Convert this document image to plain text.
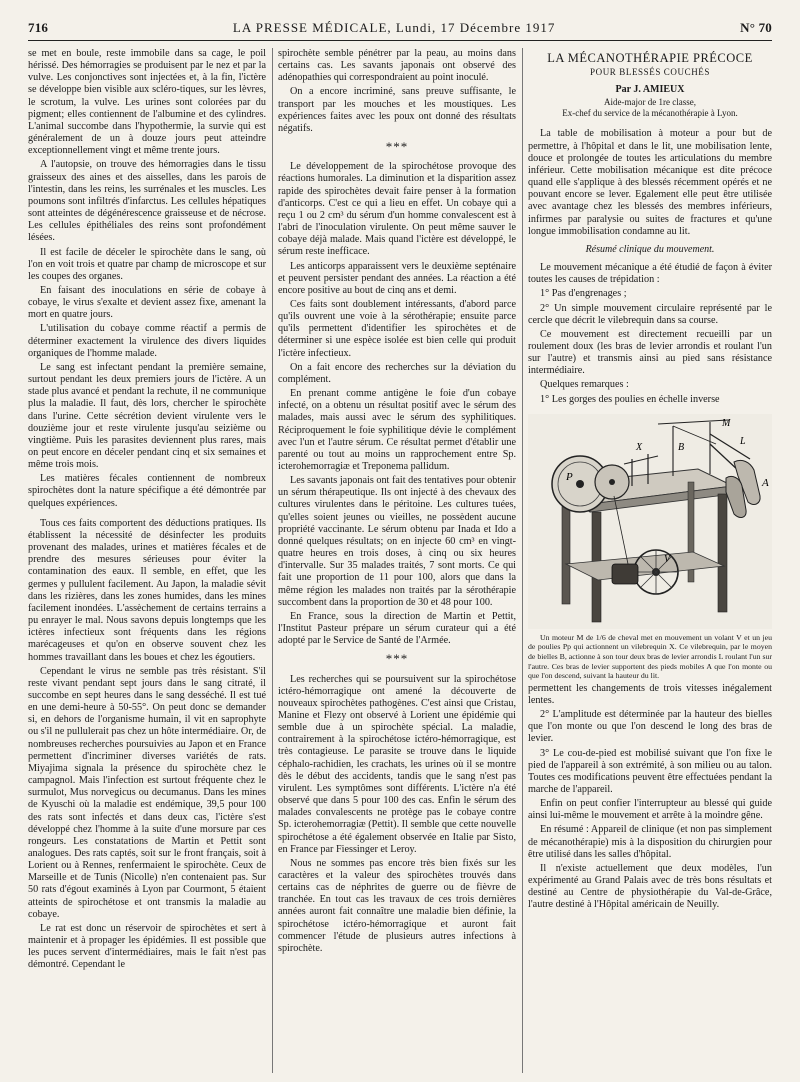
716	LA PRESSE MÉDICALE, Lundi, 17 Décembre 1917	N° 70

se met en boule, reste immobile dans sa cage, le poil hérissé. Des hémorragies se produisent par le nez et par la vulve. Les conjonctives sont injectées et, à la fin, l'ictère se développe bien visible aux scléro-tiques, sur les lèvres, le scrotum, la vulve. Les urines sont colorées par du pigment; elles contiennent de l'albumine et des cylindres. L'animal succombe dans l'hypothermie, la survie qui est généralement de un à douze jours peut atteindre exceptionnellement vingt et même trente jours.

A l'autopsie, on trouve des hémorragies dans le tissu graisseux des aines et des aisselles, dans les parois de l'intestin, dans les reins, les surrénales et les muscles. Les poumons sont infiltrés d'infarctus. Les cellules hépatiques sont atteintes de dégénérescence graisseuse et de nécrose. Les cellules épithéliales des reins sont profondément lésées.

Il est facile de déceler le spirochète dans le sang, où l'on en voit trois et quatre par champ de microscope et sur les coupes des organes.

En faisant des inoculations en série de cobaye à cobaye, le virus s'exalte et devient assez fixe, amenant la mort en quatre jours.

L'utilisation du cobaye comme réactif a permis de déterminer exactement la virulence des divers liquides organiques de l'homme malade.

Le sang est infectant pendant la première semaine, surtout pendant les deux premiers jours de l'ictère. A un stade plus avancé et pendant la rechute, il ne communique plus la maladie. Il faut, dès lors, chercher le spirochète dans l'urine. Cette sécrétion devient virulente vers le douzième jour et reste virulente jusqu'au seizième ou vingtième. Puis les parasites deviennent plus rares, mais on peut encore en déceler pendant cinq et six semaines et même trois mois.

Les matières fécales contiennent de nombreux spirochètes dont la nature spécifique a été démontrée par quelques expériences.

Tous ces faits comportent des déductions pratiques. Ils établissent la nécessité de désinfecter les produits provenant des malades, urines et matières fécales et de prendre des mesures sérieuses pour éviter la contamination des eaux. Il semble, en effet, que les germes y pullulent facilement. Au Japon, la maladie sévit dans les rizières, dans les zones humides, dans les mines facilement inondées. L'assèchement de certains terrains a pu enrayer le mal. Nous savons depuis longtemps que les ictères infectieux sont fréquents dans les régions marécageuses et qu'on en observe souvent chez les hommes travaillant dans les boues et chez les égoutiers.

Cependant le virus ne semble pas très résistant. S'il reste vivant pendant sept jours dans le sang citraté, il succombe en sept heures dans le sang desséché. Il est tué en une demi-heure à 50-55°. On peut donc se demander si, en dehors de l'organisme humain, il vit en saprophyte ou s'il ne pullulerait pas chez un hôte intermédiaire. Or, de nombreuses recherches poursuivies au Japon et en France permettent d'incriminer diverses variétés de rats. Miyajima signala la présence du spirochète chez le campagnol. Mais l'infection est surtout fréquente chez le surmulot, Mus norvegicus ou decumanus. Dans les mines de Kyuschi où la maladie est endémique, 39,5 pour 100 des rats sont infectés et dans deux cas, l'ictère s'est développé chez l'homme à la suite d'une morsure par ces rongeurs. Les constatations de Martin et Pettit sont analogues. Des rats captés, soit sur le front français, soit à Lorient ou à Rennes, renfermaient le spirochète. Ceux de Marseille et de Tunis (Nicolle) n'en contenaient pas. Sur 50 rats d'égout examinés à Lyon par Courmont, 5 étaient atteints de spirochétose et ont transmis la maladie au cobaye.

Le rat est donc un réservoir de spirochètes et sert à maintenir et à propager les épidémies. Il est possible que les puces servent d'intermédiaires, mais le fait n'est pas démontré. Cependant le

spirochète semble pénétrer par la peau, au moins dans certains cas. Les savants japonais ont observé des adénopathies qui correspondraient au point inoculé.

On a encore incriminé, sans preuve suffisante, le transport par les mouches et les moustiques. Les expériences faites avec les poux ont donné des résultats négatifs.

***

Le développement de la spirochétose provoque des réactions humorales. La diminution et la disparition assez rapide des spirochètes devait faire penser à la formation d'anticorps. C'est ce qui a lieu en effet. Un cobaye qui a reçu 1 ou 2 cm³ du sérum d'un homme convalescent est à l'abri de l'inoculation virulente. On peut même sauver le cobaye déjà malade. Mais quand l'ictère est développé, le sérum reste inefficace.

Les anticorps apparaissent vers le deuxième septénaire et peuvent persister pendant des années. La réaction a été encore positive au bout de cinq ans et demi.

Ces faits sont doublement intéressants, d'abord parce qu'ils ouvrent une voie à la sérothérapie; ensuite parce qu'ils permettent d'identifier les spirochètes et de déterminer si une espèce isolée est bien celle qui produit l'ictère infectieux.

On a fait encore des recherches sur la déviation du complément.

En prenant comme antigène le foie d'un cobaye infecté, on a obtenu un résultat positif avec le sérum des malades, mais aussi avec le sérum des syphilitiques. Réciproquement le foie syphilitique dévie le complément avec l'un et l'autre sérum. Ce résultat permet d'établir une parenté ou tout au moins un rapprochement entre Sp. icterohemorragiæ et Treponema pallidum.

Les savants japonais ont fait des tentatives pour obtenir un sérum thérapeutique. Ils ont injecté à des chevaux des cultures virulentes dans le péritoine. Les cultures tuées, qu'elles soient jeunes ou vieilles, ne possèdent aucune propriété vaccinante. Le sérum obtenu par Inada et Ido a donné quelques résultats; on en injecte 60 cm³ en vingt-quatre heures en trois doses, à cinq ou six heures d'intervalle. Sur 35 malades traités, 7 sont morts. Ce qui fait une proportion de 11 pour 100, alors que dans la même région les malades non traités par la sérothérapie succombent dans la proportion de 30 et 48 pour 100.

En France, sous la direction de Martin et Pettit, l'Institut Pasteur prépare un sérum curateur qui a été adopté par le Service de Santé de l'Armée.

***

Les recherches qui se poursuivent sur la spirochétose ictéro-hémorragique ont amené la découverte de nouveaux spirochètes pathogènes. C'est ainsi que Cristau, Manine et Flezy ont observé à Lorient une épidémie qui semble due à un spirochète spécial. La maladie, contrairement à la spirochétose ictéro-hémorragique, est très contagieuse. Le parasite se trouve dans le liquide céphalo-rachidien, les crachats, les urines où il se montre dès le début des accidents, tandis que le sang n'est pas virulent. Les symptômes sont différents. L'ictère n'a été observé que dans 5 pour 100 des cas. Enfin le sérum des malades convalescents ne protège pas le cobaye contre Sp. icterohemorragiæ (Pettit). Il semble que cette nouvelle spirochétose a été également observée en Italie par Sisto, en France par Fiessinger et Leroy.

Nous ne sommes pas encore très bien fixés sur les caractères et la valeur des spirochètes trouvés dans certains cas de néphrites de guerre ou de fièvre de tranchée. En tout cas les travaux de ces trois dernières années auront fait connaître une maladie bien définie, la spirochétose ictéro-hémorragique et auront fait commencer l'étude de plusieurs autres infections à spirochète.

LA MÉCANOTHÉRAPIE PRÉCOCE
POUR BLESSÉS COUCHÉS
Par J. AMIEUX
Aide-major de 1re classe,
Ex-chef du service de la mécanothérapie à Lyon.

La table de mobilisation à moteur a pour but de permettre, à l'hôpital et dans le lit, une mobilisation lente, douce et prolongée de toutes les articulations du membre inférieur. Cette mobilisation mécanique est dite précoce quand elle s'applique à des blessés récemment opérés et ne pouvant encore se lever. Egalement elle peut être utilisée avec avantage chez les blessés des membres inférieurs, infirmes par paralysie ou suites de fractures et qu'une longue immobilisation condamne au lit.

Résumé clinique du mouvement.

Le mouvement mécanique a été étudié de façon à éviter toutes les causes de trépidation :

1° Pas d'engrenages ;

2° Un simple mouvement circulaire représenté par le cercle que décrit le vilebrequin dans sa course.

Ce mouvement est directement recueilli par un roulement doux (les bras de levier arrondis et roulant l'un sur l'autre) et transmis ainsi au pied sans résistance intermédiaire.

Quelques remarques :

1° Les gorges des poulies en échelle inverse

P
X	B
M
V
A
L

Un moteur M de 1/6 de cheval met en mouvement un volant V et un jeu de poulies Pp qui actionnent un vilebrequin X. Ce vilebrequin, par le moyen de bielles B, actionne à son tour deux bras de levier arrondis L roulant l'un sur l'autre. Ces bras de levier supportent des pieds mobiles A que l'on monte ou que l'on descend, suivant la hauteur du lit.

permettent les changements de trois vitesses inégalement lentes.

2° L'amplitude est déterminée par la hauteur des bielles que l'on monte ou que l'on descend le long des bras de levier.

3° Le cou-de-pied est mobilisé suivant que l'on fixe le pied de l'appareil à son extrémité, à son milieu ou au talon. Toutes ces modifications peuvent être effectuées pendant la marche de l'appareil.

Enfin on peut confier l'interrupteur au blessé qui guide ainsi lui-même le mouvement et arrête à la moindre gêne.

En résumé : Appareil de clinique (et non pas simplement de mécanothérapie) mis à la disposition du chirurgien pour être utilisé dans les salles d'hôpital.

Il n'existe actuellement que deux modèles, l'un expérimenté au Grand Palais avec de très bons résultats et destiné au Centre de physiothérapie du Val-de-Grâce, l'autre destiné à l'Hôpital américain de Neuilly.
